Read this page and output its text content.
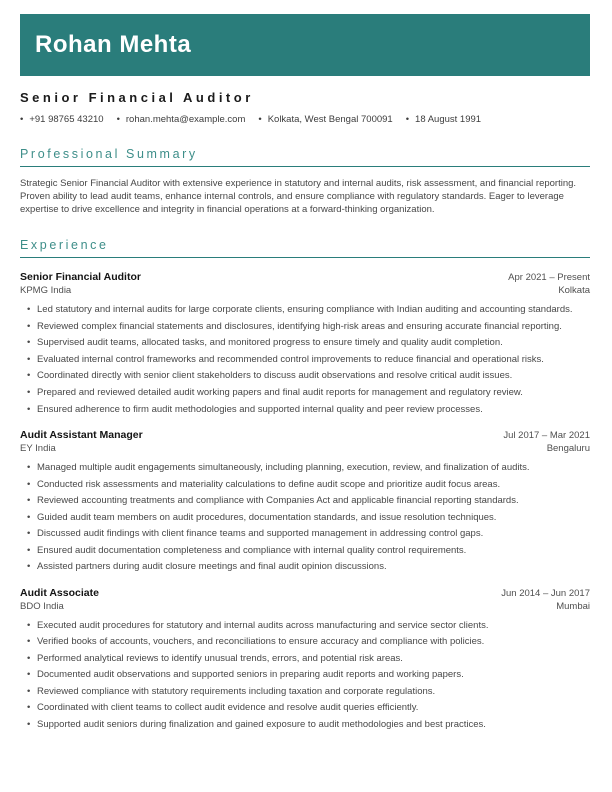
Rohan Mehta
Senior Financial Auditor
• +91 98765 43210 • rohan.mehta@example.com • Kolkata, West Bengal 700091 • 18 August 1991
Professional Summary
Strategic Senior Financial Auditor with extensive experience in statutory and internal audits, risk assessment, and financial reporting. Proven ability to lead audit teams, enhance internal controls, and ensure compliance with regulatory standards. Eager to leverage expertise to drive excellence and integrity in financial operations at a forward-thinking organization.
Experience
Senior Financial Auditor	Apr 2021 – Present
KPMG India	Kolkata
• Led statutory and internal audits for large corporate clients, ensuring compliance with Indian auditing and accounting standards.
• Reviewed complex financial statements and disclosures, identifying high-risk areas and ensuring accurate financial reporting.
• Supervised audit teams, allocated tasks, and monitored progress to ensure timely and quality audit completion.
• Evaluated internal control frameworks and recommended control improvements to reduce financial and operational risks.
• Coordinated directly with senior client stakeholders to discuss audit observations and resolve critical audit issues.
• Prepared and reviewed detailed audit working papers and final audit reports for management and regulatory review.
• Ensured adherence to firm audit methodologies and supported internal quality and peer review processes.
Audit Assistant Manager	Jul 2017 – Mar 2021
EY India	Bengaluru
• Managed multiple audit engagements simultaneously, including planning, execution, review, and finalization of audits.
• Conducted risk assessments and materiality calculations to define audit scope and prioritize audit focus areas.
• Reviewed accounting treatments and compliance with Companies Act and applicable financial reporting standards.
• Guided audit team members on audit procedures, documentation standards, and issue resolution techniques.
• Discussed audit findings with client finance teams and supported management in addressing control gaps.
• Ensured audit documentation completeness and compliance with internal quality control requirements.
• Assisted partners during audit closure meetings and final audit opinion discussions.
Audit Associate	Jun 2014 – Jun 2017
BDO India	Mumbai
• Executed audit procedures for statutory and internal audits across manufacturing and service sector clients.
• Verified books of accounts, vouchers, and reconciliations to ensure accuracy and compliance with policies.
• Performed analytical reviews to identify unusual trends, errors, and potential risk areas.
• Documented audit observations and supported seniors in preparing audit reports and working papers.
• Reviewed compliance with statutory requirements including taxation and corporate regulations.
• Coordinated with client teams to collect audit evidence and resolve audit queries efficiently.
• Supported audit seniors during finalization and gained exposure to audit methodologies and best practices.
